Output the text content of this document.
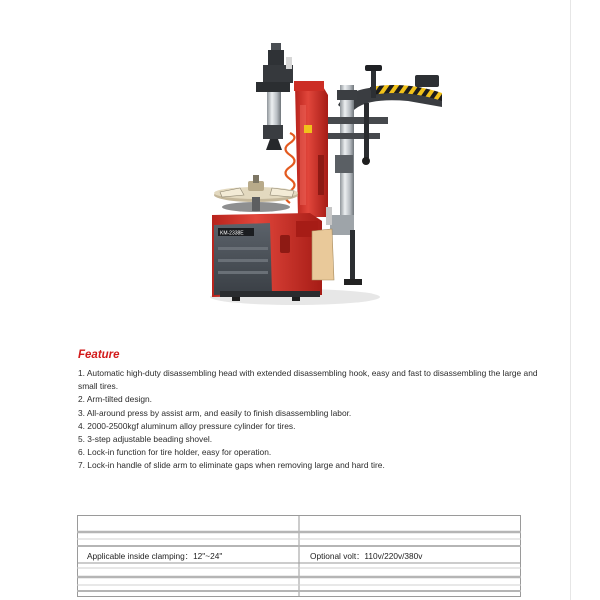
KM-2338E
Feature
1. Automatic high-duty disassembling head with extended disassembling hook, easy and fast to disassembling the large and small tires.
2. Arm-tilted design.
3. All-around press by assist arm, and easily to finish disassembling labor.
4. 2000-2500kgf aluminum alloy pressure cylinder for tires.
5. 3-step adjustable beading shovel.
6. Lock-in function for tire holder, easy for operation.
7. Lock-in handle of slide arm to eliminate gaps when removing large and hard tire.
Applicable inside clamping：12"~24"	Optional volt：110v/220v/380v
